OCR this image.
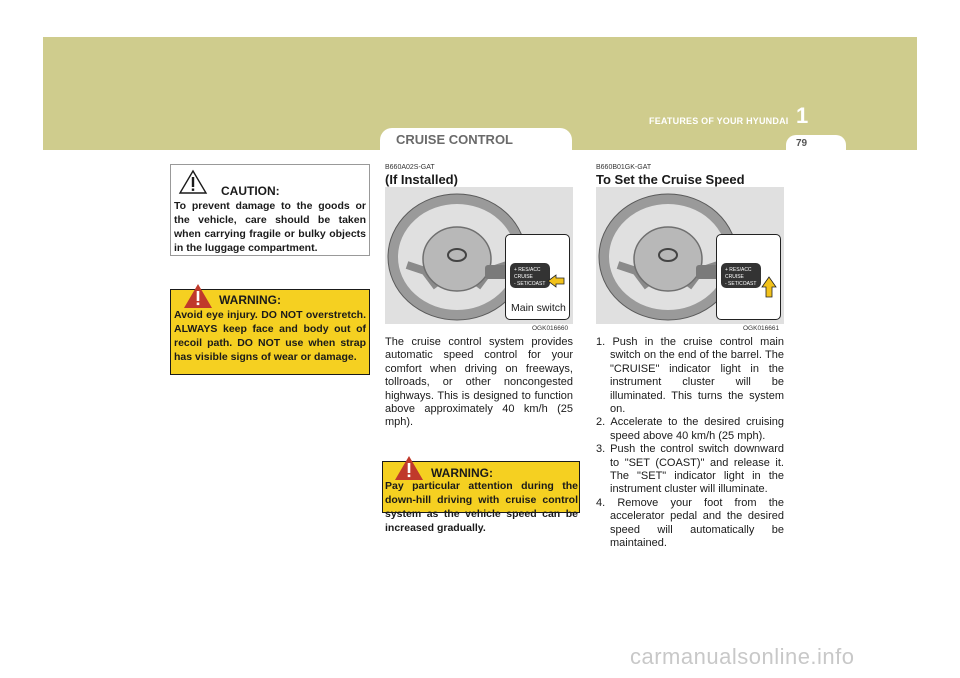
CRUISE CONTROL
1
FEATURES OF YOUR HYUNDAI
79
CAUTION:
To prevent damage to the goods or the vehicle, care should be taken when carrying fragile or bulky objects in the luggage compartment.
WARNING:
Avoid eye injury. DO NOT overstretch. ALWAYS keep face and body out of recoil path. DO NOT use when strap has visible signs of wear or damage.
B660A02S-GAT
(If Installed)
+ RES/ACC
CRUISE
- SET/COAST
Main switch
OGK016660
The cruise control system provides automatic speed control for your comfort when driving on freeways, tollroads, or other noncongested highways. This is designed to function above approximately 40 km/h (25 mph).
WARNING:
Pay particular attention during the down-hill driving with cruise control system as the vehicle speed can be increased gradually.
B660B01GK-GAT
To Set the Cruise Speed
+ RES/ACC
CRUISE
- SET/COAST
OGK016661
1. Push in the cruise control main switch on the end of the barrel. The "CRUISE" indicator light in the instrument cluster will be illuminated. This turns the system on.
2. Accelerate to the desired cruising speed above 40 km/h (25 mph).
3. Push the control switch downward to "SET (COAST)" and release it. The "SET" indicator light in the instrument cluster will illuminate.
4. Remove your foot from the accelerator pedal and the desired speed will automatically be maintained.
carmanualsonline.info
